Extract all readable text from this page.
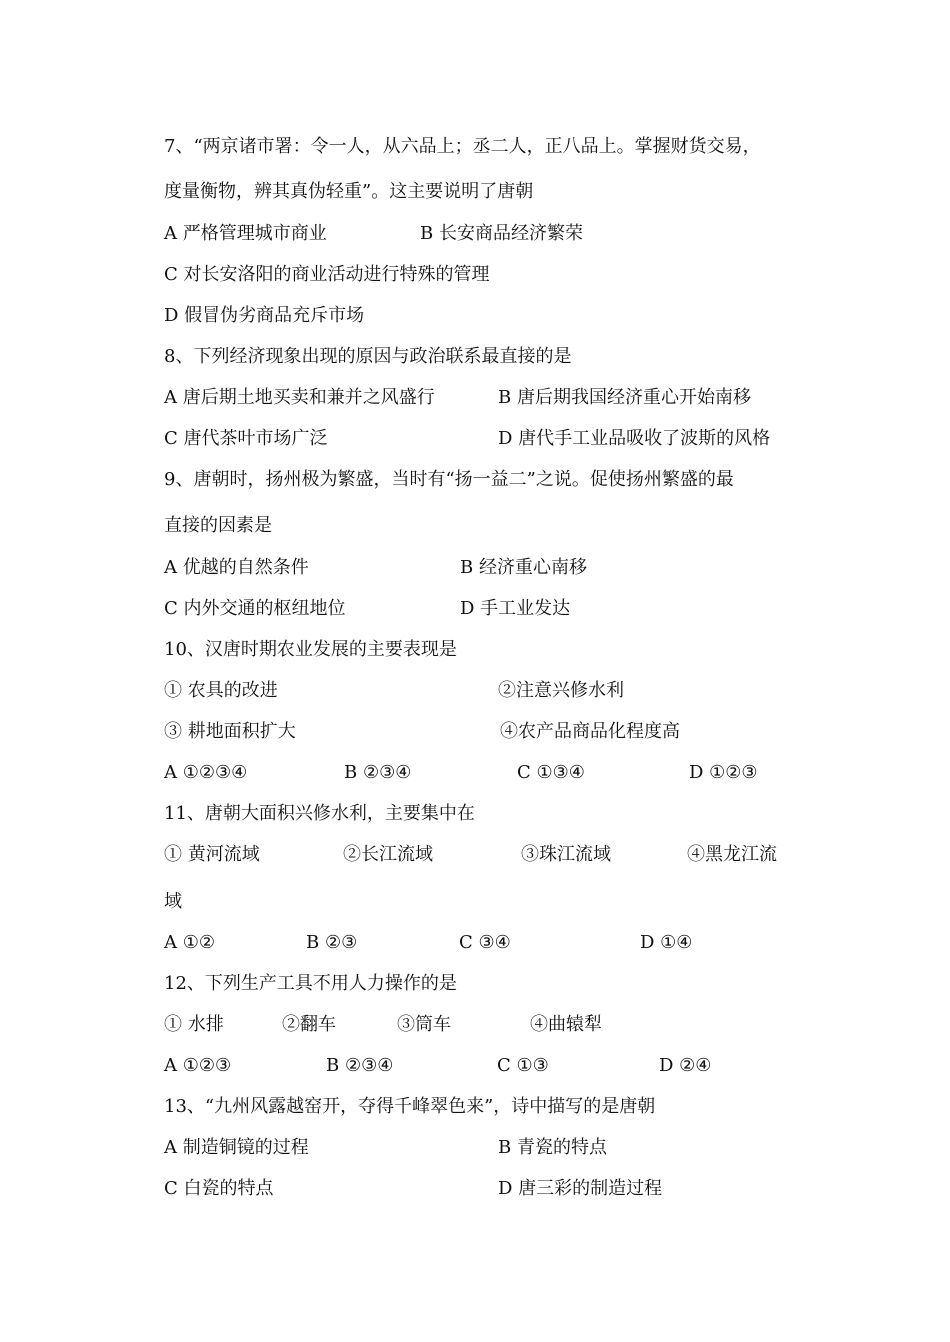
7、“两京诸市署：令一人，从六品上；丞二人，正八品上。掌握财货交易，
度量衡物，辨其真伪轻重”。这主要说明了唐朝
A 严格管理城市商业	B 长安商品经济繁荣
C 对长安洛阳的商业活动进行特殊的管理
D 假冒伪劣商品充斥市场
8、下列经济现象出现的原因与政治联系最直接的是
A 唐后期土地买卖和兼并之风盛行	B 唐后期我国经济重心开始南移
C 唐代茶叶市场广泛	D 唐代手工业品吸收了波斯的风格
9、唐朝时，扬州极为繁盛，当时有“扬一益二”之说。促使扬州繁盛的最
直接的因素是
A 优越的自然条件	B 经济重心南移
C 内外交通的枢纽地位	D 手工业发达
10、汉唐时期农业发展的主要表现是
① 农具的改进	②注意兴修水利
③ 耕地面积扩大	④农产品商品化程度高
A ①②③④	B ②③④	C ①③④	D ①②③
11、唐朝大面积兴修水利，主要集中在
① 黄河流域	②长江流域	③珠江流域	④黑龙江流
域
A ①②	B ②③	C ③④	D ①④
12、下列生产工具不用人力操作的是
① 水排	②翻车	③筒车	④曲辕犁
A ①②③	B ②③④	C ①③	D ②④
13、“九州风露越窑开，夺得千峰翠色来”，诗中描写的是唐朝
A 制造铜镜的过程	B 青瓷的特点
C 白瓷的特点	D 唐三彩的制造过程
